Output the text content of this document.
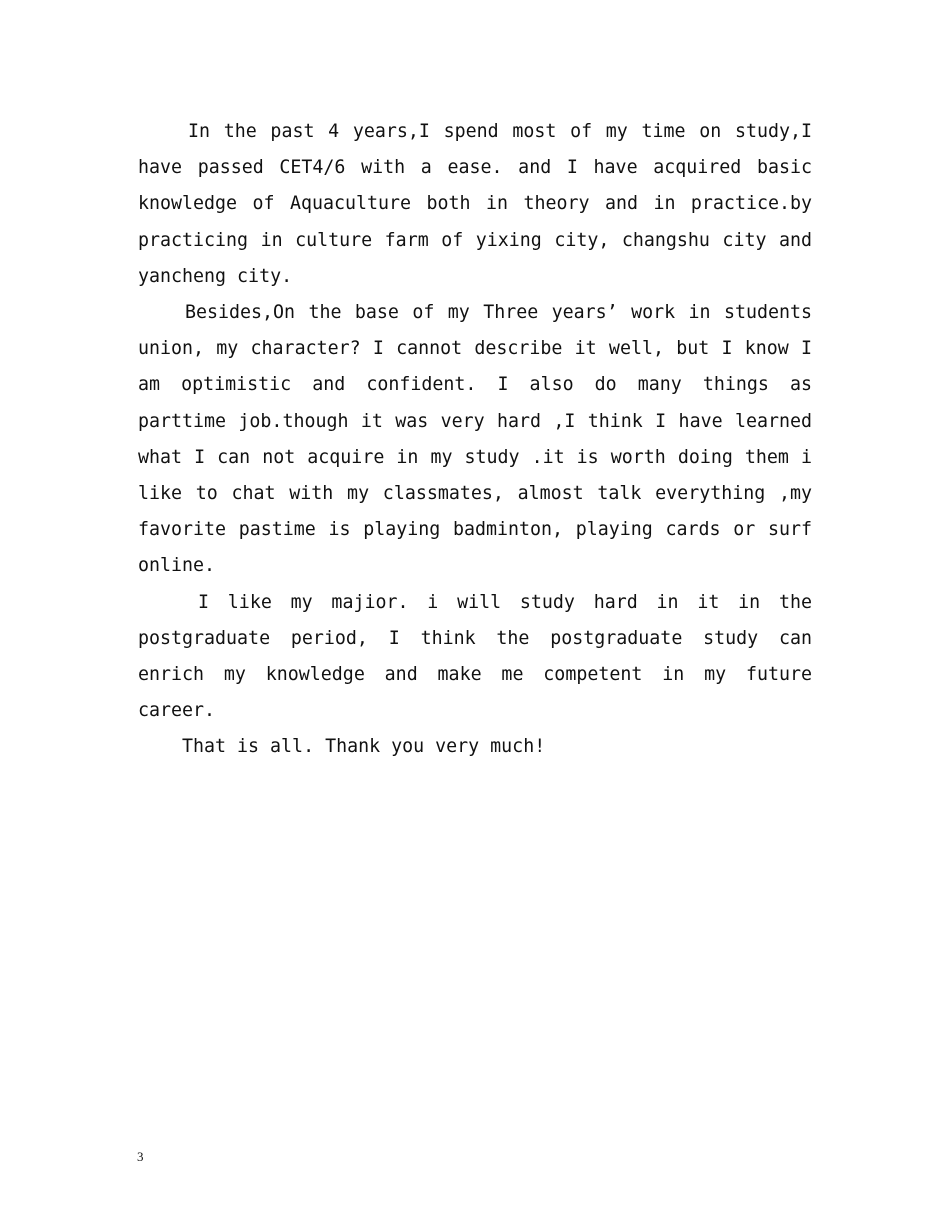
In the past 4 years,I spend most of my time on study,I have passed CET4/6 with a ease. and I have acquired basic knowledge of Aquaculture both in theory and in practice.by practicing in culture farm of yixing city, changshu city and yancheng city.

Besides,On the base of my Three years’ work in students union, my character? I cannot describe it well, but I know I am optimistic and confident. I also do many things as parttime job.though it was very hard ,I think I have learned what I can not acquire in my study .it is worth doing them i like to chat with my classmates, almost talk everything ,my favorite pastime is playing badminton, playing cards or surf online.

I like my majior. i will study hard in it in the postgraduate period, I think the postgraduate study can enrich my knowledge and make me competent in my future career.

That is all. Thank you very much!

3
